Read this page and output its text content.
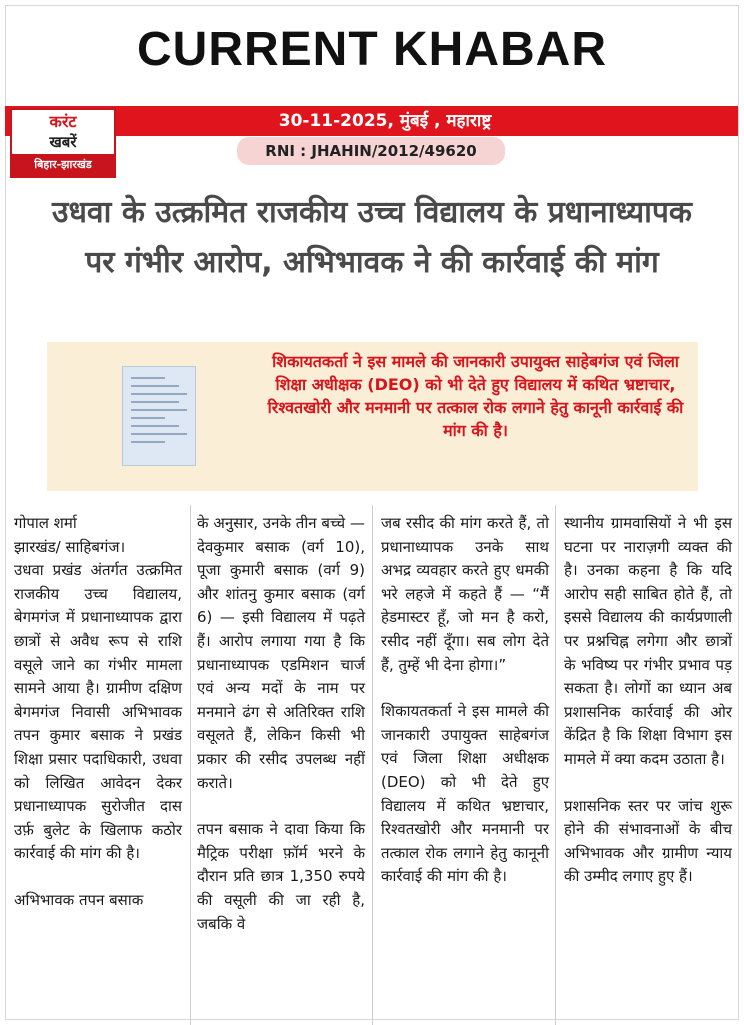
CURRENT KHABAR
करंट
खबरें
बिहार-झारखंड
30-11-2025, मुंबई , महाराष्ट्र
RNI : JHAHIN/2012/49620
उधवा के उत्क्रमित राजकीय उच्च विद्यालय के प्रधानाध्यापक पर गंभीर आरोप, अभिभावक ने की कार्रवाई की मांग
शिकायतकर्ता ने इस मामले की जानकारी उपायुक्त साहेबगंज एवं जिला शिक्षा अधीक्षक (DEO) को भी देते हुए विद्यालय में कथित भ्रष्टाचार, रिश्वतखोरी और मनमानी पर तत्काल रोक लगाने हेतु कानूनी कार्रवाई की मांग की है।

गोपाल शर्मा

झारखंड/ साहिबगंज।

उधवा प्रखंड अंतर्गत उत्क्रमित राजकीय उच्च विद्यालय, बेगमगंज में प्रधानाध्यापक द्वारा छात्रों से अवैध रूप से राशि वसूले जाने का गंभीर मामला सामने आया है। ग्रामीण दक्षिण बेगमगंज निवासी अभिभावक तपन कुमार बसाक ने प्रखंड शिक्षा प्रसार पदाधिकारी, उधवा को लिखित आवेदन देकर प्रधानाध्यापक सुरोजीत दास उर्फ़ बुलेट के खिलाफ कठोर कार्रवाई की मांग की है।

अभिभावक तपन बसाक

के अनुसार, उनके तीन बच्चे — देवकुमार बसाक (वर्ग 10), पूजा कुमारी बसाक (वर्ग 9) और शांतनु कुमार बसाक (वर्ग 6) — इसी विद्यालय में पढ़ते हैं। आरोप लगाया गया है कि प्रधानाध्यापक एडमिशन चार्ज एवं अन्य मदों के नाम पर मनमाने ढंग से अतिरिक्त राशि वसूलते हैं, लेकिन किसी भी प्रकार की रसीद उपलब्ध नहीं कराते।

तपन बसाक ने दावा किया कि मैट्रिक परीक्षा फ़ॉर्म भरने के दौरान प्रति छात्र 1,350 रुपये की वसूली की जा रही है, जबकि वे

जब रसीद की मांग करते हैं, तो प्रधानाध्यापक उनके साथ अभद्र व्यवहार करते हुए धमकी भरे लहजे में कहते हैं — “मैं हेडमास्टर हूँ, जो मन है करो, रसीद नहीं दूँगा। सब लोग देते हैं, तुम्हें भी देना होगा।”

शिकायतकर्ता ने इस मामले की जानकारी उपायुक्त साहेबगंज एवं जिला शिक्षा अधीक्षक (DEO) को भी देते हुए विद्यालय में कथित भ्रष्टाचार, रिश्वतखोरी और मनमानी पर तत्काल रोक लगाने हेतु कानूनी कार्रवाई की मांग की है।

स्थानीय ग्रामवासियों ने भी इस घटना पर नाराज़गी व्यक्त की है। उनका कहना है कि यदि आरोप सही साबित होते हैं, तो इससे विद्यालय की कार्यप्रणाली पर प्रश्नचिह्न लगेगा और छात्रों के भविष्य पर गंभीर प्रभाव पड़ सकता है। लोगों का ध्यान अब प्रशासनिक कार्रवाई की ओर केंद्रित है कि शिक्षा विभाग इस मामले में क्या कदम उठाता है।

प्रशासनिक स्तर पर जांच शुरू होने की संभावनाओं के बीच अभिभावक और ग्रामीण न्याय की उम्मीद लगाए हुए हैं।
